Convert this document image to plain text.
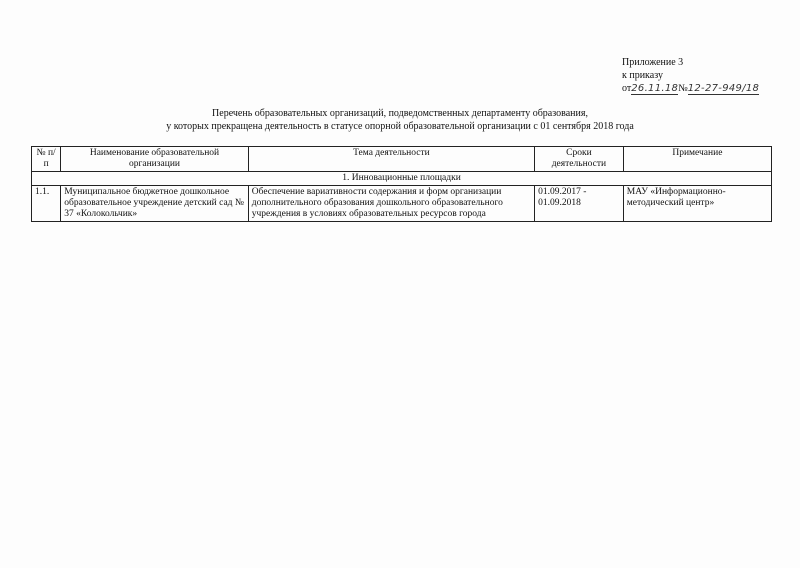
Приложение 3
к приказу
от26.11.18№12-27-949/18
Перечень образовательных организаций, подведомственных департаменту образования,
у которых прекращена деятельность в статусе опорной образовательной организации с 01 сентября 2018 года
№ п/п	Наименование образовательной организации	Тема деятельности	Сроки деятельности	Примечание
1. Инновационные площадки				
1.1.	Муниципальное бюджетное дошкольное образовательное учреждение детский сад № 37 «Колокольчик»	Обеспечение вариативности содержания и форм организации дополнительного образования дошкольного образовательного учреждения в условиях образовательных ресурсов города	01.09.2017 - 01.09.2018	МАУ «Информационно-методический центр»
